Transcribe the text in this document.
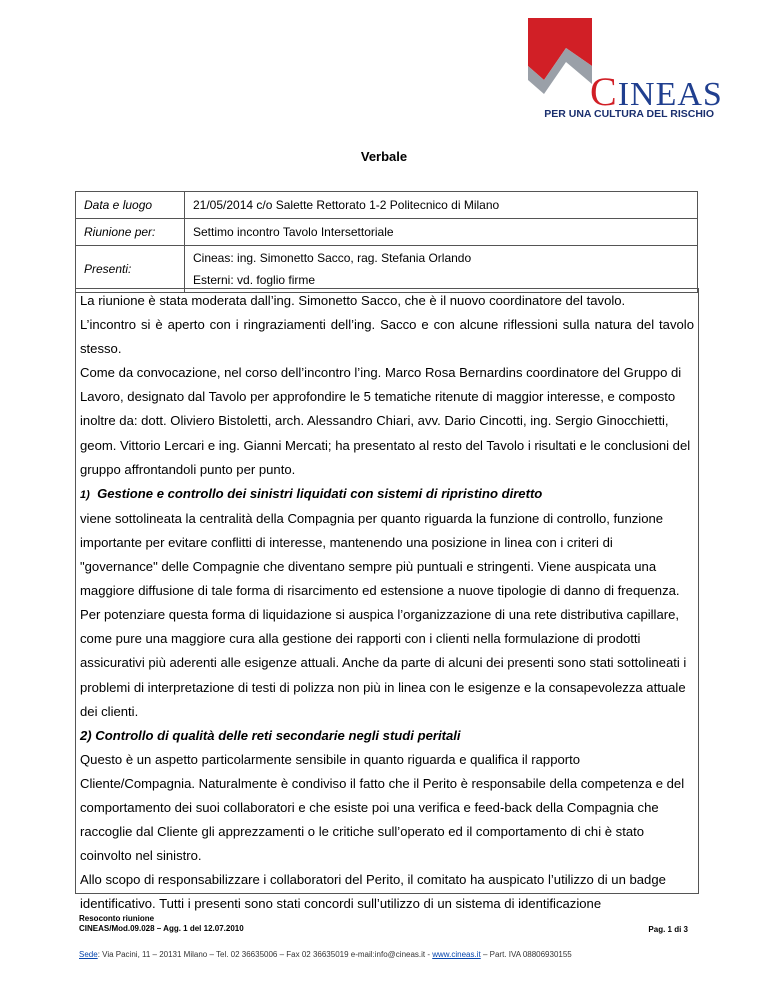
CINEAS
PER UNA CULTURA DEL RISCHIO
Verbale
Data e luogo	21/05/2014 c/o Salette Rettorato 1-2 Politecnico di Milano
Riunione per:	Settimo incontro Tavolo Intersettoriale
Presenti:	Cineas: ing. Simonetto Sacco, rag. Stefania Orlando
Esterni: vd. foglio firme

La riunione è stata moderata dall’ing. Simonetto Sacco, che è il nuovo coordinatore del tavolo.

L’incontro si è aperto con i ringraziamenti dell’ing. Sacco e con alcune riflessioni sulla natura del tavolo stesso.

Come da convocazione, nel corso dell’incontro l’ing. Marco Rosa Bernardins coordinatore del Gruppo di Lavoro, designato dal Tavolo per approfondire le 5 tematiche ritenute di maggior interesse, e composto inoltre da: dott. Oliviero Bistoletti, arch. Alessandro Chiari, avv. Dario Cincotti, ing. Sergio Ginocchietti, geom. Vittorio Lercari e ing. Gianni Mercati; ha presentato al resto del Tavolo i risultati e le conclusioni del gruppo affrontandoli punto per punto.

1) Gestione e controllo dei sinistri liquidati con sistemi di ripristino diretto

viene sottolineata la centralità della Compagnia per quanto riguarda la funzione di controllo, funzione importante per evitare conflitti di interesse, mantenendo una posizione in linea con i criteri di "governance" delle Compagnie che diventano sempre più puntuali e stringenti. Viene auspicata una maggiore diffusione di tale forma di risarcimento ed estensione a nuove tipologie di danno di frequenza.

Per potenziare questa forma di liquidazione si auspica l’organizzazione di una rete distributiva capillare, come pure una maggiore cura alla gestione dei rapporti con i clienti nella formulazione di prodotti assicurativi più aderenti alle esigenze attuali. Anche da parte di alcuni dei presenti sono stati sottolineati i problemi di interpretazione di testi di polizza non più in linea con le esigenze e la consapevolezza attuale dei clienti.

2) Controllo di qualità delle reti secondarie negli studi peritali

Questo è un aspetto particolarmente sensibile in quanto riguarda e qualifica il rapporto Cliente/Compagnia. Naturalmente è condiviso il fatto che il Perito è responsabile della competenza e del comportamento dei suoi collaboratori e che esiste poi una verifica e feed-back della Compagnia che raccoglie dal Cliente gli apprezzamenti o le critiche sull’operato ed il comportamento di chi è stato coinvolto nel sinistro.

Allo scopo di responsabilizzare i collaboratori del Perito, il comitato ha auspicato l’utilizzo di un badge identificativo. Tutti i presenti sono stati concordi sull’utilizzo di un sistema di identificazione

Resoconto riunione
CINEAS/Mod.09.028 – Agg. 1 del 12.07.2010	Pag. 1 di 3
Sede: Via Pacini, 11 – 20131 Milano – Tel. 02 36635006 – Fax 02 36635019 e-mail:info@cineas.it - www.cineas.it – Part. IVA 08806930155
